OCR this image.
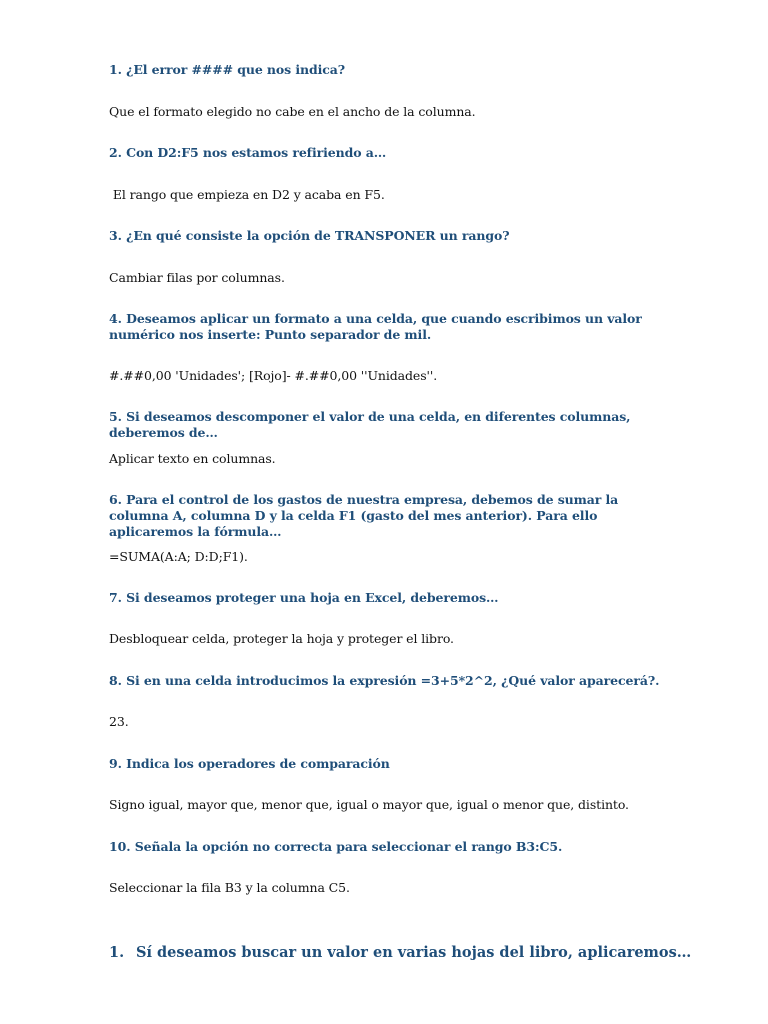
1. ¿El error #### que nos indica?
Que el formato elegido no cabe en el ancho de la columna.
2. Con D2:F5 nos estamos refiriendo a…
El rango que empieza en D2 y acaba en F5.
3. ¿En qué consiste la opción de TRANSPONER un rango?
Cambiar filas por columnas.
4. Deseamos aplicar un formato a una celda, que cuando escribimos un valor numérico nos inserte: Punto separador de mil.
#.##0,00 'Unidades'; [Rojo]- #.##0,00 ''Unidades''.
5. Si deseamos descomponer el valor de una celda, en diferentes columnas, deberemos de…
Aplicar texto en columnas.
6. Para el control de los gastos de nuestra empresa, debemos de sumar la columna A, columna D y la celda F1 (gasto del mes anterior). Para ello aplicaremos la fórmula…
=SUMA(A:A; D:D;F1).
7. Si deseamos proteger una hoja en Excel, deberemos…
Desbloquear celda, proteger la hoja y proteger el libro.
8. Si en una celda introducimos la expresión =3+5*2^2, ¿Qué valor aparecerá?.
23.
9. Indica los operadores de comparación
Signo igual, mayor que, menor que, igual o mayor que, igual o menor que, distinto.
10. Señala la opción no correcta para seleccionar el rango B3:C5.
Seleccionar la fila B3 y la columna C5.
1. Sí deseamos buscar un valor en varias hojas del libro, aplicaremos…
